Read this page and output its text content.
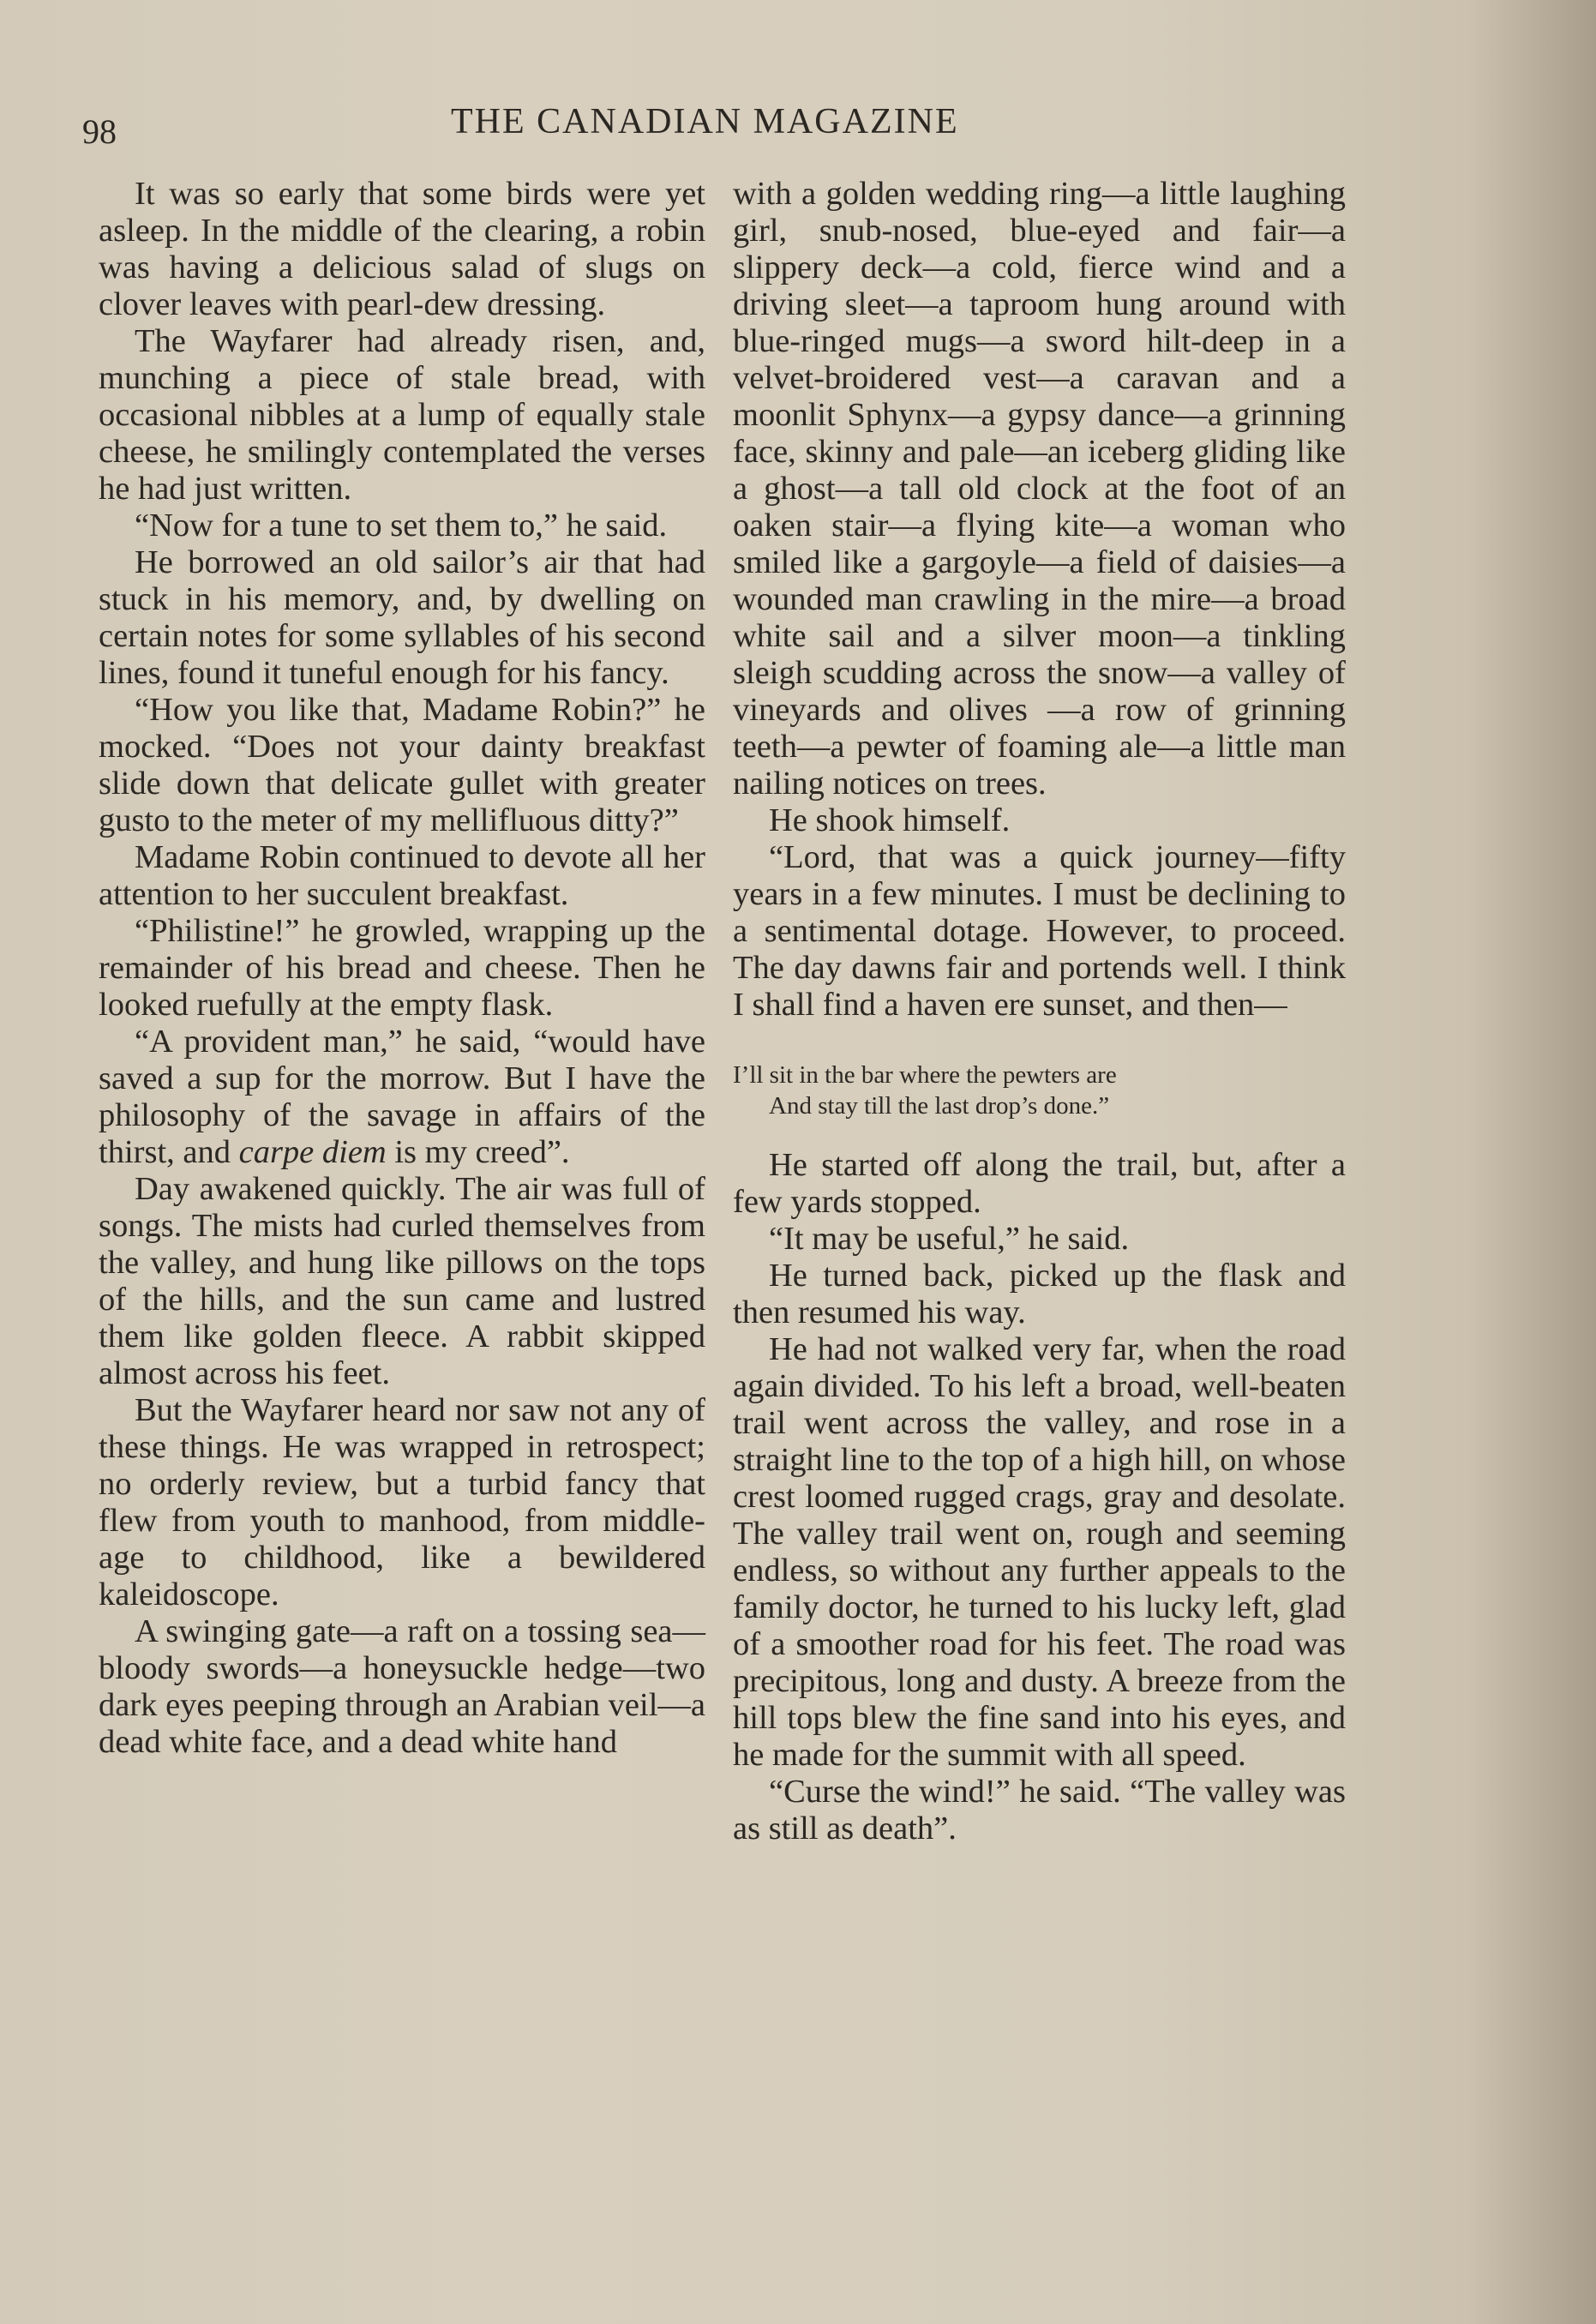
98	THE CANADIAN MAGAZINE

It was so early that some birds were yet asleep. In the middle of the clearing, a robin was having a delicious salad of slugs on clover leaves with pearl-dew dressing.

The Wayfarer had already risen, and, munching a piece of stale bread, with occasional nibbles at a lump of equally stale cheese, he smilingly contemplated the verses he had just written.

“Now for a tune to set them to,” he said.

He borrowed an old sailor’s air that had stuck in his memory, and, by dwelling on certain notes for some syllables of his second lines, found it tuneful enough for his fancy.

“How you like that, Madame Robin?” he mocked. “Does not your dainty breakfast slide down that delicate gullet with greater gusto to the meter of my mellifluous ditty?”

Madame Robin continued to devote all her attention to her succulent breakfast.

“Philistine!” he growled, wrapping up the remainder of his bread and cheese. Then he looked ruefully at the empty flask.

“A provident man,” he said, “would have saved a sup for the morrow. But I have the philosophy of the savage in affairs of the thirst, and carpe diem is my creed”.

Day awakened quickly. The air was full of songs. The mists had curled themselves from the valley, and hung like pillows on the tops of the hills, and the sun came and lustred them like golden fleece. A rabbit skipped almost across his feet.

But the Wayfarer heard nor saw not any of these things. He was wrapped in retrospect; no orderly review, but a turbid fancy that flew from youth to manhood, from middle-age to childhood, like a bewildered kaleidoscope.

A swinging gate—a raft on a tossing sea—bloody swords—a honeysuckle hedge—two dark eyes peeping through an Arabian veil—a dead white face, and a dead white hand

with a golden wedding ring—a little laughing girl, snub-nosed, blue-eyed and fair—a slippery deck—a cold, fierce wind and a driving sleet—a taproom hung around with blue-ringed mugs—a sword hilt-deep in a velvet-broidered vest—a caravan and a moonlit Sphynx—a gypsy dance—a grinning face, skinny and pale—an iceberg gliding like a ghost—a tall old clock at the foot of an oaken stair—a flying kite—a woman who smiled like a gargoyle—a field of daisies—a wounded man crawling in the mire—a broad white sail and a silver moon—a tinkling sleigh scudding across the snow—a valley of vineyards and olives —a row of grinning teeth—a pewter of foaming ale—a little man nailing notices on trees.

He shook himself.

“Lord, that was a quick journey—fifty years in a few minutes. I must be declining to a sentimental dotage. However, to proceed. The day dawns fair and portends well. I think I shall find a haven ere sunset, and then—

I’ll sit in the bar where the pewters are
And stay till the last drop’s done.”

He started off along the trail, but, after a few yards stopped.

“It may be useful,” he said.

He turned back, picked up the flask and then resumed his way.

He had not walked very far, when the road again divided. To his left a broad, well-beaten trail went across the valley, and rose in a straight line to the top of a high hill, on whose crest loomed rugged crags, gray and desolate. The valley trail went on, rough and seeming endless, so without any further appeals to the family doctor, he turned to his lucky left, glad of a smoother road for his feet. The road was precipitous, long and dusty. A breeze from the hill tops blew the fine sand into his eyes, and he made for the summit with all speed.

“Curse the wind!” he said. “The valley was as still as death”.
